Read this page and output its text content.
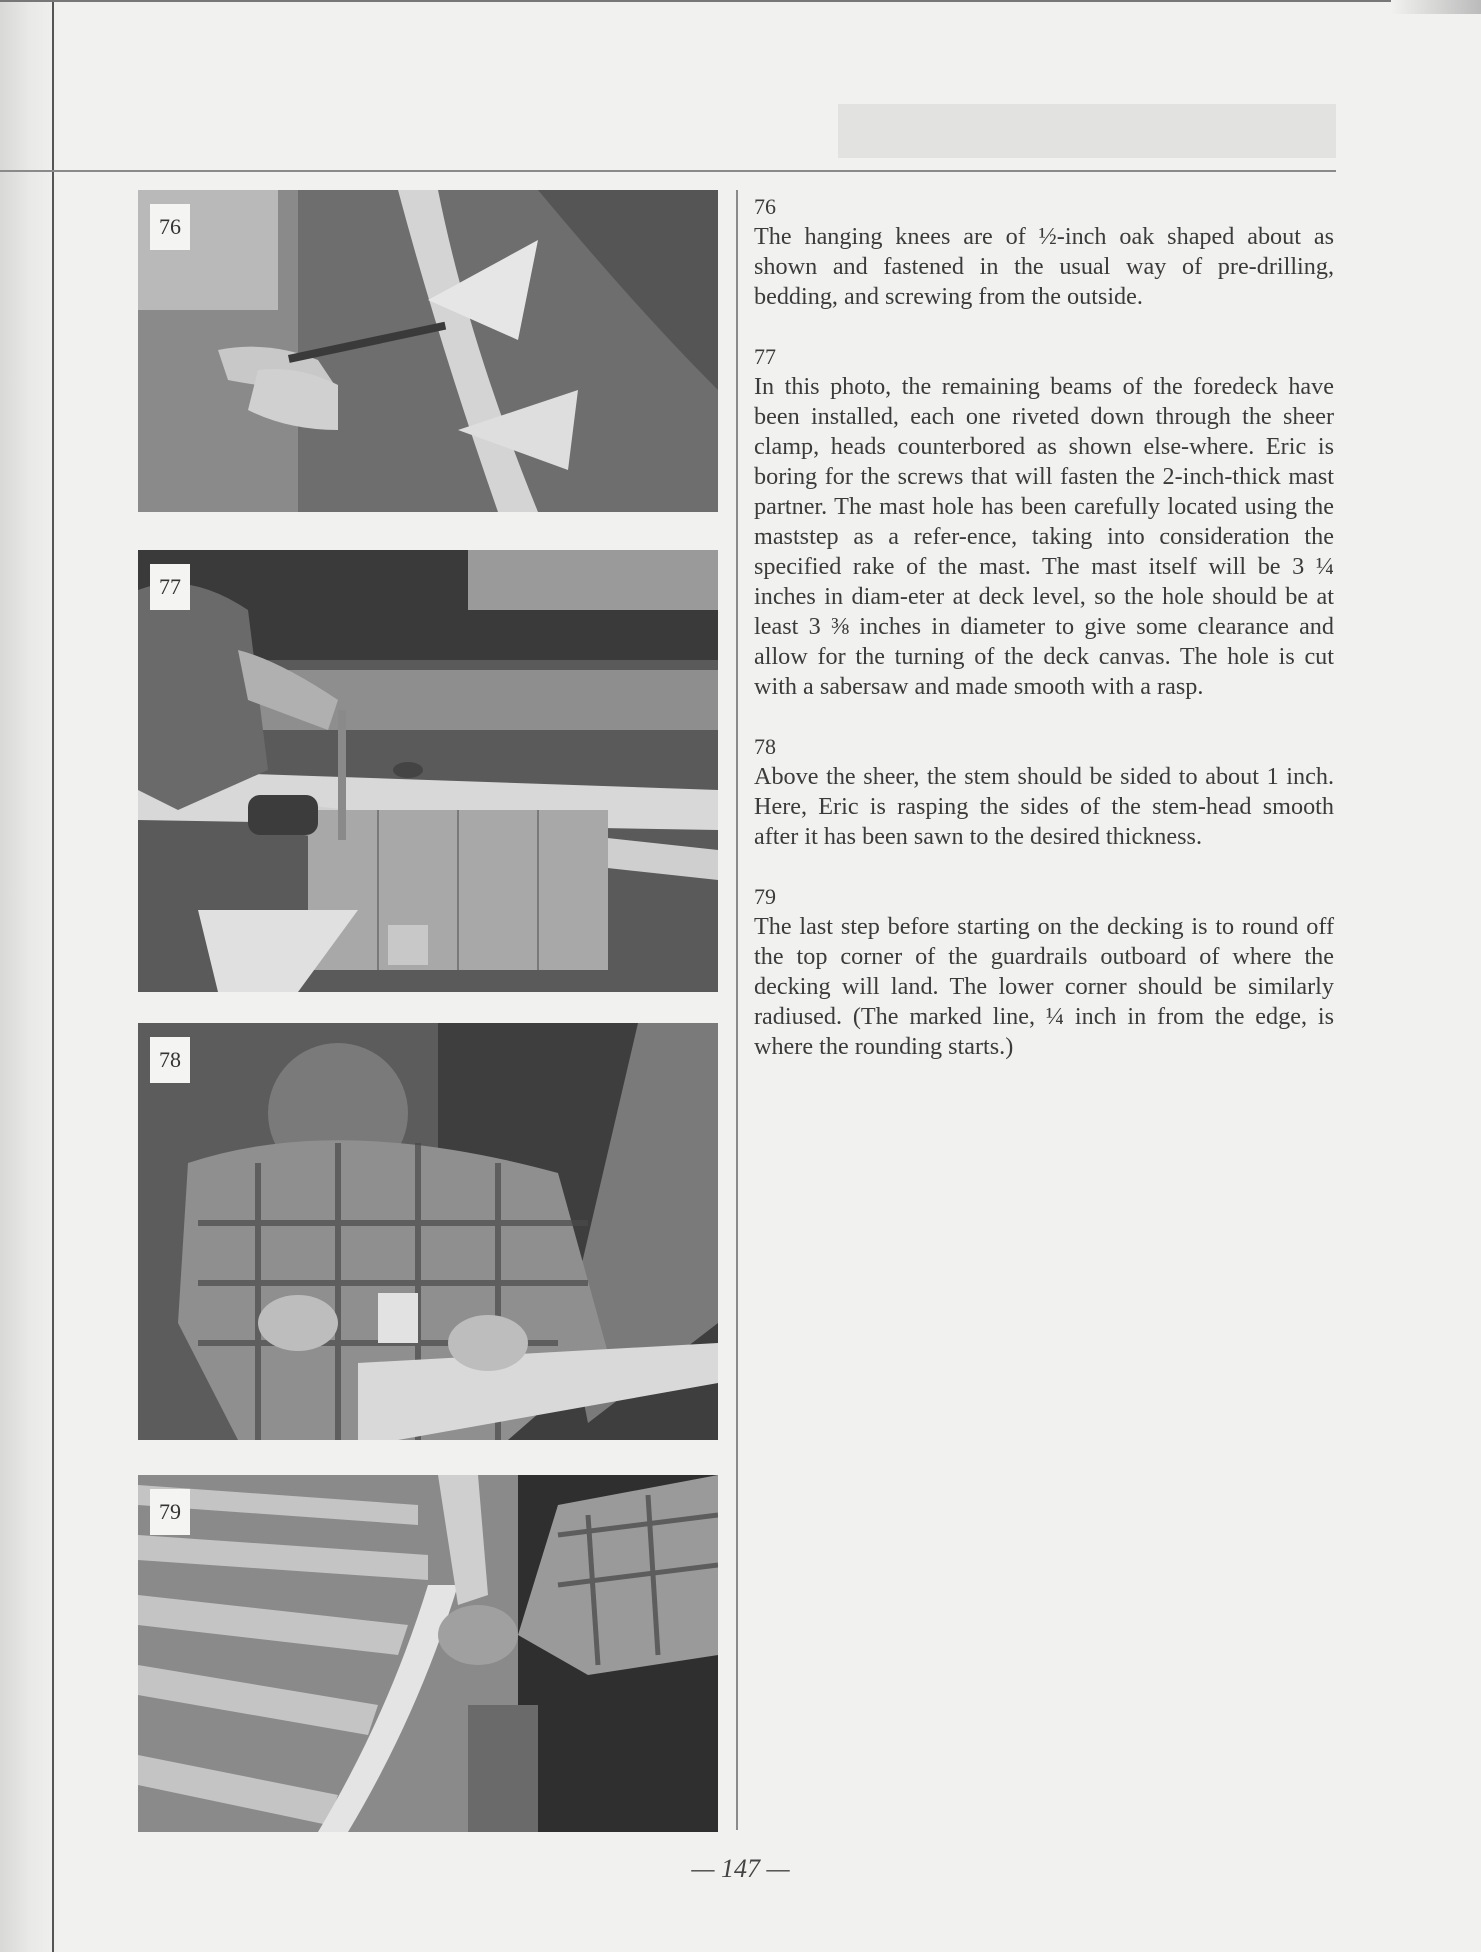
76
77
78
79
76
The hanging knees are of ½-inch oak shaped about as shown and fastened in the usual way of pre-drilling, bedding, and screwing from the outside.
77
In this photo, the remaining beams of the foredeck have been installed, each one riveted down through the sheer clamp, heads counterbored as shown else-where. Eric is boring for the screws that will fasten the 2-inch-thick mast partner. The mast hole has been carefully located using the maststep as a refer-ence, taking into consideration the specified rake of the mast. The mast itself will be 3 ¼ inches in diam-eter at deck level, so the hole should be at least 3 ⅜ inches in diameter to give some clearance and allow for the turning of the deck canvas. The hole is cut with a sabersaw and made smooth with a rasp.
78
Above the sheer, the stem should be sided to about 1 inch. Here, Eric is rasping the sides of the stem-head smooth after it has been sawn to the desired thickness.
79
The last step before starting on the decking is to round off the top corner of the guardrails outboard of where the decking will land. The lower corner should be similarly radiused. (The marked line, ¼ inch in from the edge, is where the rounding starts.)
— 147 —
